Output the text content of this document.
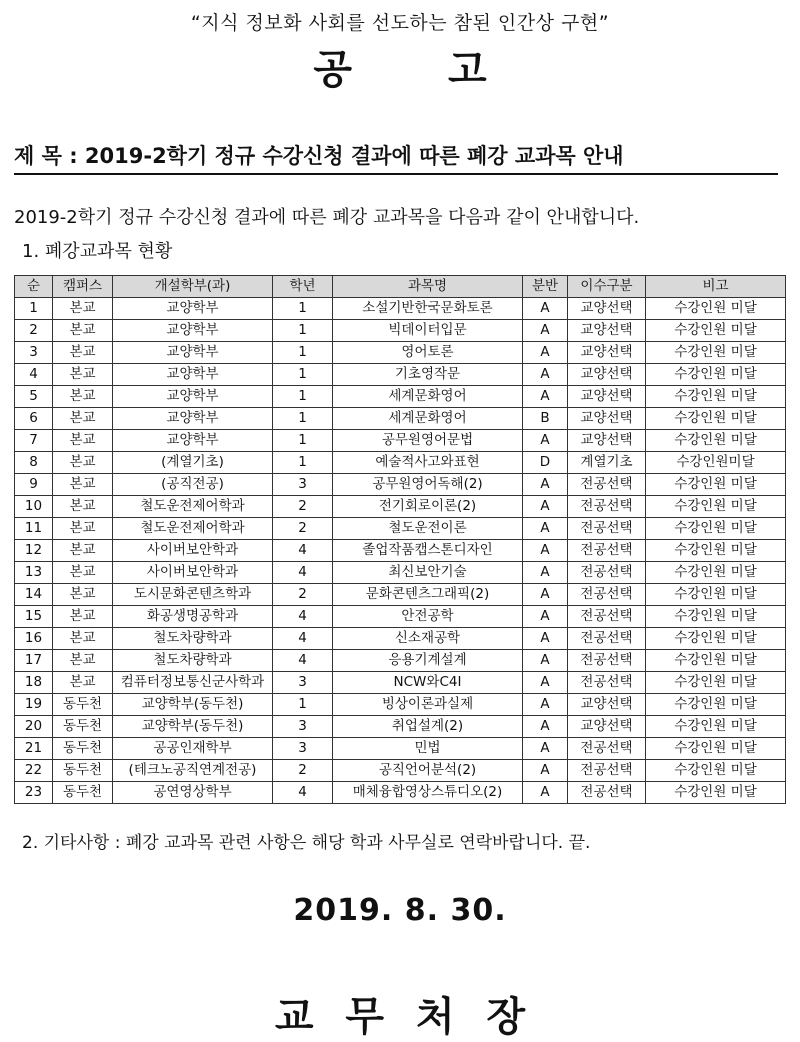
“지식 정보화 사회를 선도하는 참된 인간상 구현”
공 고
제 목 : 2019-2학기 정규 수강신청 결과에 따른 폐강 교과목 안내
2019-2학기 정규 수강신청 결과에 따른 폐강 교과목을 다음과 같이 안내합니다.
1. 폐강교과목 현황
순	캠퍼스	개설학부(과)	학년	과목명	분반	이수구분	비고
1	본교	교양학부	1	소설기반한국문화토론	A	교양선택	수강인원 미달
2	본교	교양학부	1	빅데이터입문	A	교양선택	수강인원 미달
3	본교	교양학부	1	영어토론	A	교양선택	수강인원 미달
4	본교	교양학부	1	기초영작문	A	교양선택	수강인원 미달
5	본교	교양학부	1	세계문화영어	A	교양선택	수강인원 미달
6	본교	교양학부	1	세계문화영어	B	교양선택	수강인원 미달
7	본교	교양학부	1	공무원영어문법	A	교양선택	수강인원 미달
8	본교	(계열기초)	1	예술적사고와표현	D	계열기초	수강인원미달
9	본교	(공직전공)	3	공무원영어독해(2)	A	전공선택	수강인원 미달
10	본교	철도운전제어학과	2	전기회로이론(2)	A	전공선택	수강인원 미달
11	본교	철도운전제어학과	2	철도운전이론	A	전공선택	수강인원 미달
12	본교	사이버보안학과	4	졸업작품캡스톤디자인	A	전공선택	수강인원 미달
13	본교	사이버보안학과	4	최신보안기술	A	전공선택	수강인원 미달
14	본교	도시문화콘텐츠학과	2	문화콘텐츠그래픽(2)	A	전공선택	수강인원 미달
15	본교	화공생명공학과	4	안전공학	A	전공선택	수강인원 미달
16	본교	철도차량학과	4	신소재공학	A	전공선택	수강인원 미달
17	본교	철도차량학과	4	응용기계설계	A	전공선택	수강인원 미달
18	본교	컴퓨터정보통신군사학과	3	NCW와C4I	A	전공선택	수강인원 미달
19	동두천	교양학부(동두천)	1	빙상이론과실제	A	교양선택	수강인원 미달
20	동두천	교양학부(동두천)	3	취업설계(2)	A	교양선택	수강인원 미달
21	동두천	공공인재학부	3	민법	A	전공선택	수강인원 미달
22	동두천	(테크노공직연계전공)	2	공직언어분석(2)	A	전공선택	수강인원 미달
23	동두천	공연영상학부	4	매체융합영상스튜디오(2)	A	전공선택	수강인원 미달
2. 기타사항 : 폐강 교과목 관련 사항은 해당 학과 사무실로 연락바랍니다. 끝.
2019. 8. 30.
교 무 처 장
